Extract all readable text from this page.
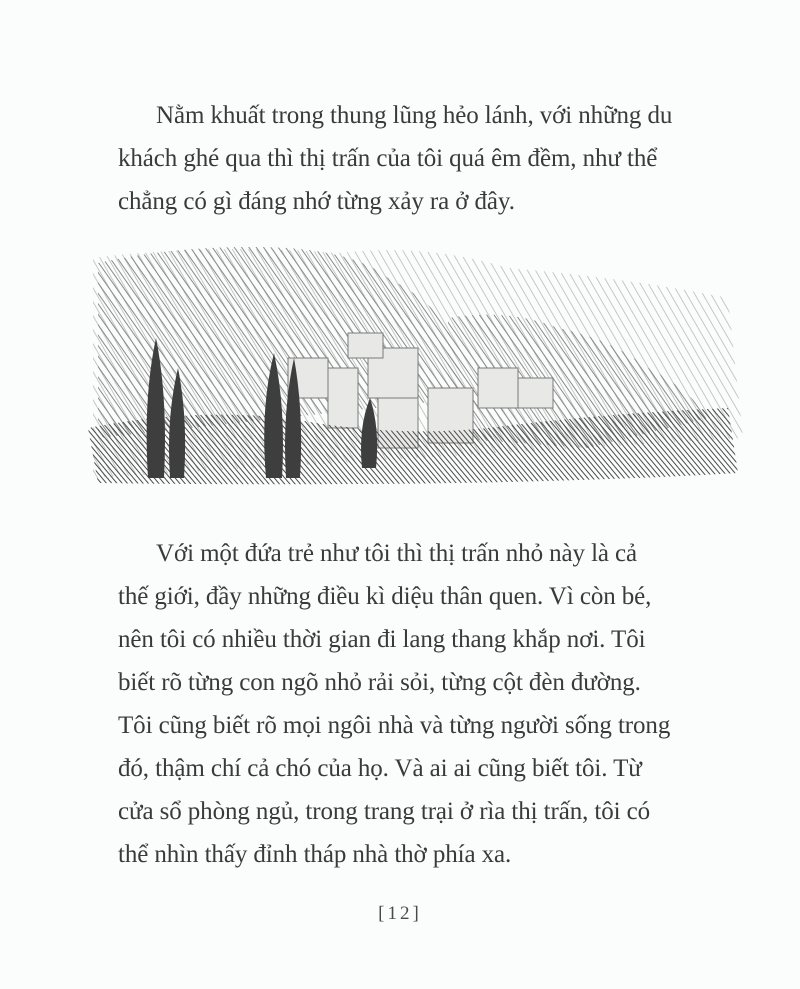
Nằm khuất trong thung lũng hẻo lánh, với những du
khách ghé qua thì thị trấn của tôi quá êm đềm, như thể
chẳng có gì đáng nhớ từng xảy ra ở đây.

Với một đứa trẻ như tôi thì thị trấn nhỏ này là cả
thế giới, đầy những điều kì diệu thân quen. Vì còn bé,
nên tôi có nhiều thời gian đi lang thang khắp nơi. Tôi
biết rõ từng con ngõ nhỏ rải sỏi, từng cột đèn đường.
Tôi cũng biết rõ mọi ngôi nhà và từng người sống trong
đó, thậm chí cả chó của họ. Và ai ai cũng biết tôi. Từ
cửa sổ phòng ngủ, trong trang trại ở rìa thị trấn, tôi có
thể nhìn thấy đỉnh tháp nhà thờ phía xa.

[12]
